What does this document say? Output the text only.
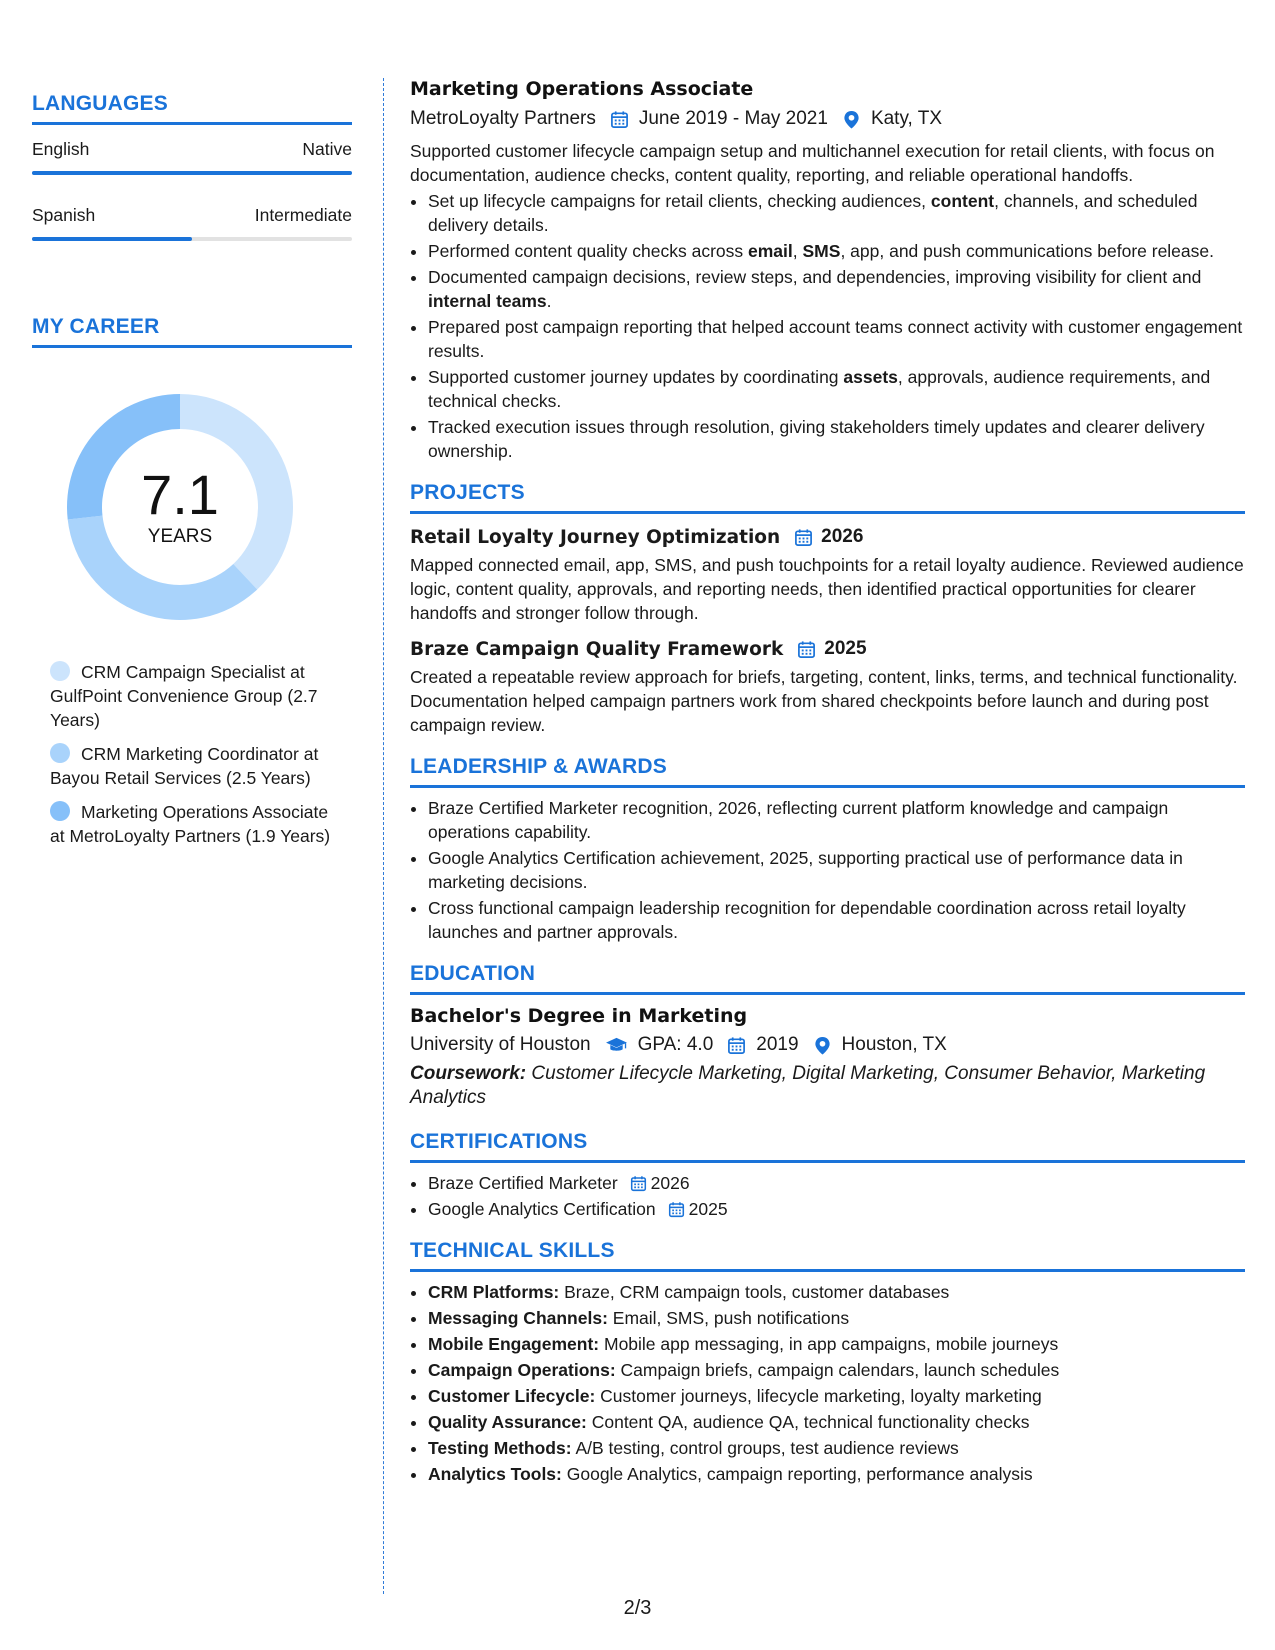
LANGUAGES
English	Native
Spanish	Intermediate
MY CAREER
7.1
YEARS
CRM Campaign Specialist at GulfPoint Convenience Group (2.7 Years)
CRM Marketing Coordinator at Bayou Retail Services (2.5 Years)
Marketing Operations Associate at MetroLoyalty Partners (1.9 Years)
Marketing Operations Associate
MetroLoyalty Partners June 2019 - May 2021 Katy, TX
Supported customer lifecycle campaign setup and multichannel execution for retail clients, with focus on documentation, audience checks, content quality, reporting, and reliable operational handoffs.
• Set up lifecycle campaigns for retail clients, checking audiences, content, channels, and scheduled delivery details.
• Performed content quality checks across email, SMS, app, and push communications before release.
• Documented campaign decisions, review steps, and dependencies, improving visibility for client and internal teams.
• Prepared post campaign reporting that helped account teams connect activity with customer engagement results.
• Supported customer journey updates by coordinating assets, approvals, audience requirements, and technical checks.
• Tracked execution issues through resolution, giving stakeholders timely updates and clearer delivery ownership.
PROJECTS
Retail Loyalty Journey Optimization 2026
Mapped connected email, app, SMS, and push touchpoints for a retail loyalty audience. Reviewed audience logic, content quality, approvals, and reporting needs, then identified practical opportunities for clearer handoffs and stronger follow through.
Braze Campaign Quality Framework 2025
Created a repeatable review approach for briefs, targeting, content, links, terms, and technical functionality. Documentation helped campaign partners work from shared checkpoints before launch and during post campaign review.
LEADERSHIP & AWARDS
• Braze Certified Marketer recognition, 2026, reflecting current platform knowledge and campaign operations capability.
• Google Analytics Certification achievement, 2025, supporting practical use of performance data in marketing decisions.
• Cross functional campaign leadership recognition for dependable coordination across retail loyalty launches and partner approvals.
EDUCATION
Bachelor's Degree in Marketing
University of Houston GPA: 4.0 2019 Houston, TX
Coursework: Customer Lifecycle Marketing, Digital Marketing, Consumer Behavior, Marketing Analytics
CERTIFICATIONS
• Braze Certified Marketer 2026
• Google Analytics Certification 2025
TECHNICAL SKILLS
• CRM Platforms: Braze, CRM campaign tools, customer databases
• Messaging Channels: Email, SMS, push notifications
• Mobile Engagement: Mobile app messaging, in app campaigns, mobile journeys
• Campaign Operations: Campaign briefs, campaign calendars, launch schedules
• Customer Lifecycle: Customer journeys, lifecycle marketing, loyalty marketing
• Quality Assurance: Content QA, audience QA, technical functionality checks
• Testing Methods: A/B testing, control groups, test audience reviews
• Analytics Tools: Google Analytics, campaign reporting, performance analysis
2/3
